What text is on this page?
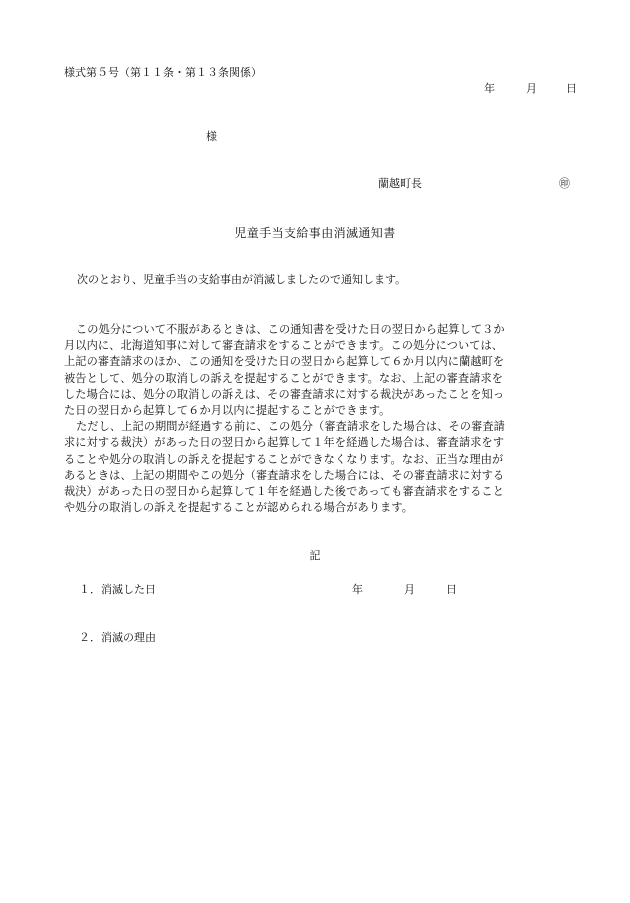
様式第５号（第１１条・第１３条関係）
年	月	日
様
蘭越町長	㊞
児童手当支給事由消滅通知書
次のとおり、児童手当の支給事由が消滅しましたので通知します。

この処分について不服があるときは、この通知書を受けた日の翌日から起算して３か
月以内に、北海道知事に対して審査請求をすることができます。この処分については、
上記の審査請求のほか、この通知を受けた日の翌日から起算して６か月以内に蘭越町を
被告として、処分の取消しの訴えを提起することができます。なお、上記の審査請求を
した場合には、処分の取消しの訴えは、その審査請求に対する裁決があったことを知っ
た日の翌日から起算して６か月以内に提起することができます。

ただし、上記の期間が経過する前に、この処分（審査請求をした場合は、その審査請
求に対する裁決）があった日の翌日から起算して１年を経過した場合は、審査請求をす
ることや処分の取消しの訴えを提起することができなくなります。なお、正当な理由が
あるときは、上記の期間やこの処分（審査請求をした場合には、その審査請求に対する
裁決）があった日の翌日から起算して１年を経過した後であっても審査請求をすること
や処分の取消しの訴えを提起することが認められる場合があります。

記
１．消滅した日	年	月	日
２．消滅の理由
